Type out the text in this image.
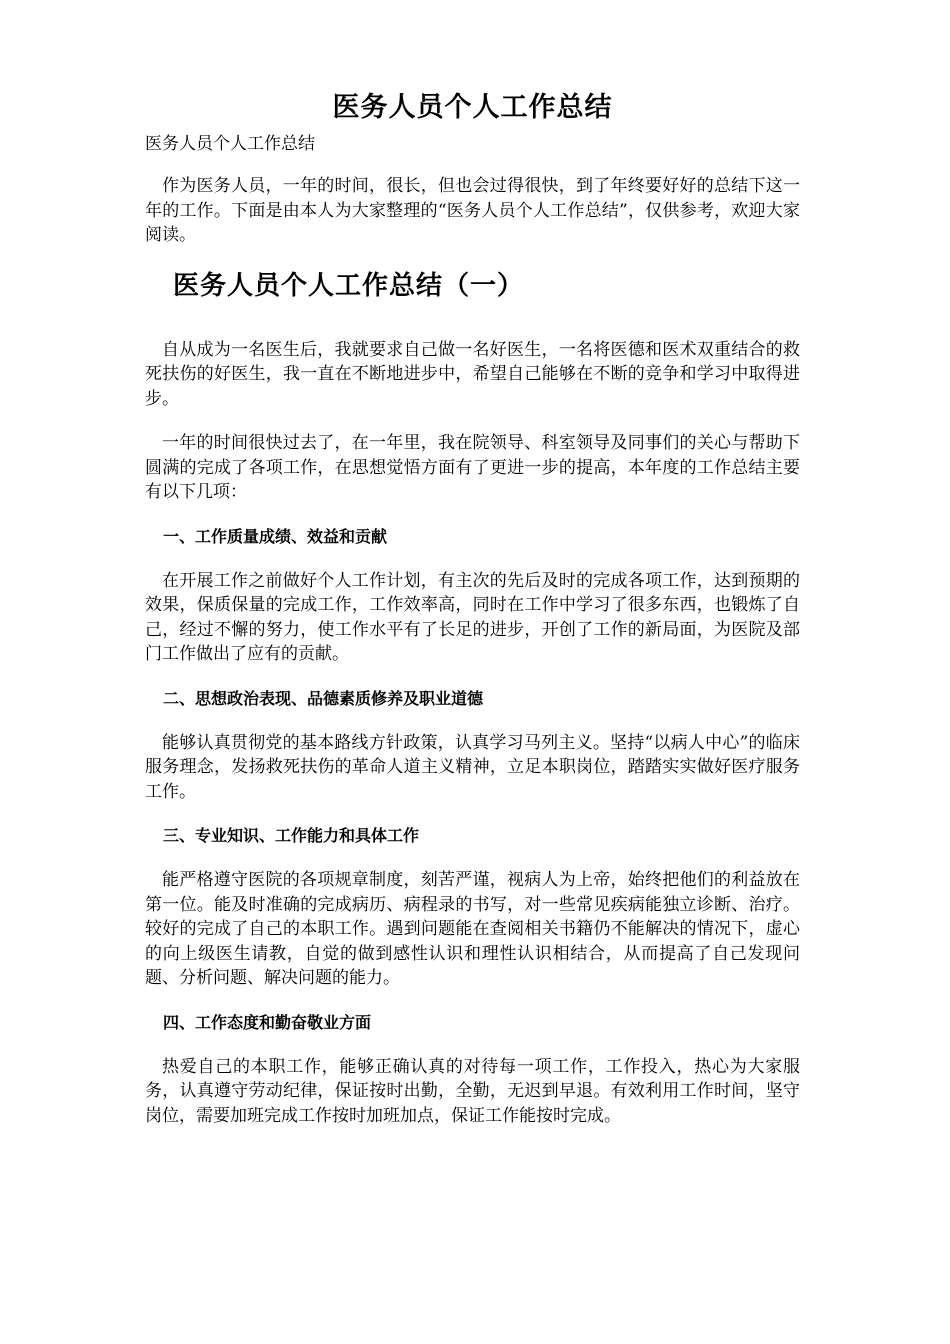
医务人员个人工作总结
医务人员个人工作总结

作为医务人员，一年的时间，很长，但也会过得很快，到了年终要好好的总结下这一年的工作。下面是由本人为大家整理的“医务人员个人工作总结”，仅供参考，欢迎大家阅读。

医务人员个人工作总结（一）

自从成为一名医生后，我就要求自己做一名好医生，一名将医德和医术双重结合的救死扶伤的好医生，我一直在不断地进步中，希望自己能够在不断的竞争和学习中取得进步。

一年的时间很快过去了，在一年里，我在院领导、科室领导及同事们的关心与帮助下圆满的完成了各项工作，在思想觉悟方面有了更进一步的提高，本年度的工作总结主要有以下几项：

一、工作质量成绩、效益和贡献

在开展工作之前做好个人工作计划，有主次的先后及时的完成各项工作，达到预期的效果，保质保量的完成工作，工作效率高，同时在工作中学习了很多东西，也锻炼了自己，经过不懈的努力，使工作水平有了长足的进步，开创了工作的新局面，为医院及部门工作做出了应有的贡献。

二、思想政治表现、品德素质修养及职业道德

能够认真贯彻党的基本路线方针政策，认真学习马列主义。坚持“以病人中心”的临床服务理念，发扬救死扶伤的革命人道主义精神，立足本职岗位，踏踏实实做好医疗服务工作。

三、专业知识、工作能力和具体工作

能严格遵守医院的各项规章制度，刻苦严谨，视病人为上帝，始终把他们的利益放在第一位。能及时准确的完成病历、病程录的书写，对一些常见疾病能独立诊断、治疗。较好的完成了自己的本职工作。遇到问题能在查阅相关书籍仍不能解决的情况下，虚心的向上级医生请教，自觉的做到感性认识和理性认识相结合，从而提高了自己发现问题、分析问题、解决问题的能力。

四、工作态度和勤奋敬业方面

热爱自己的本职工作，能够正确认真的对待每一项工作，工作投入，热心为大家服务，认真遵守劳动纪律，保证按时出勤，全勤，无迟到早退。有效利用工作时间，坚守岗位，需要加班完成工作按时加班加点，保证工作能按时完成。
